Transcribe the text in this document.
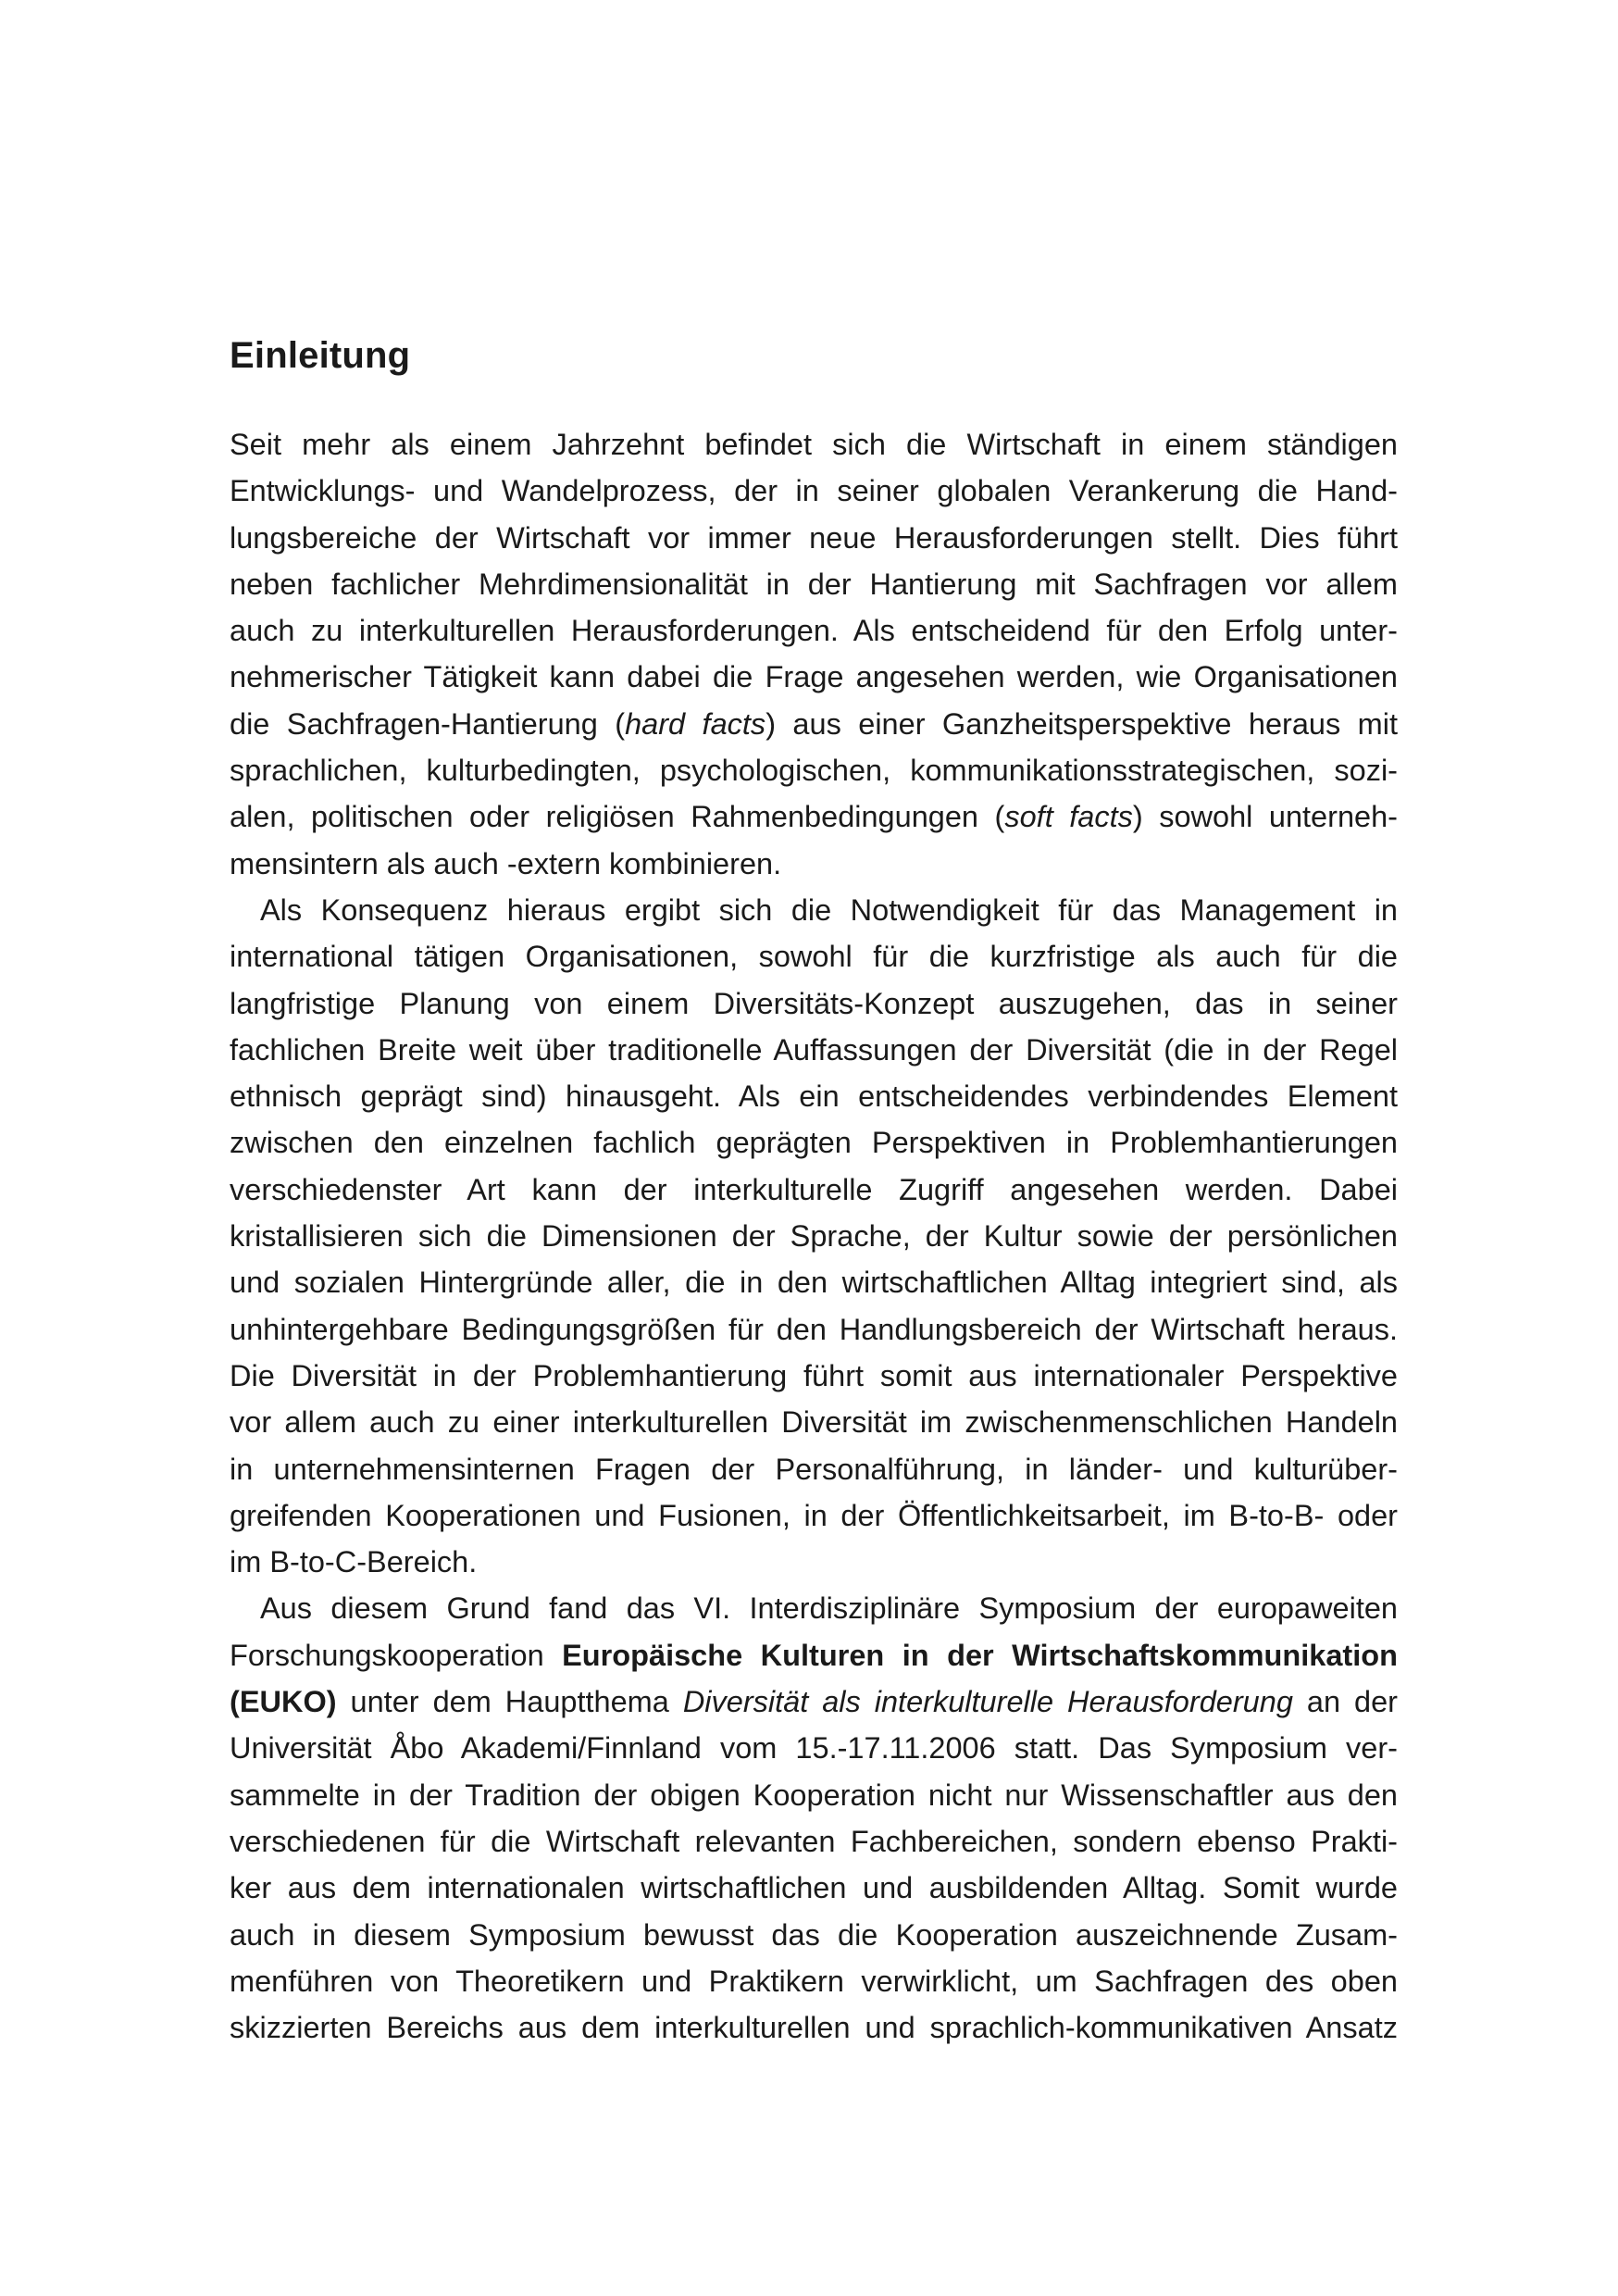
Einleitung
Seit mehr als einem Jahrzehnt befindet sich die Wirtschaft in einem ständigen
Entwicklungs- und Wandelprozess, der in seiner globalen Verankerung die Hand-
lungsbereiche der Wirtschaft vor immer neue Herausforderungen stellt. Dies führt
neben fachlicher Mehrdimensionalität in der Hantierung mit Sachfragen vor allem
auch zu interkulturellen Herausforderungen. Als entscheidend für den Erfolg unter-
nehmerischer Tätigkeit kann dabei die Frage angesehen werden, wie Organisationen
die Sachfragen-Hantierung (hard facts) aus einer Ganzheitsperspektive heraus mit
sprachlichen, kulturbedingten, psychologischen, kommunikationsstrategischen, sozi-
alen, politischen oder religiösen Rahmenbedingungen (soft facts) sowohl unterneh-
mensintern als auch -extern kombinieren.
Als Konsequenz hieraus ergibt sich die Notwendigkeit für das Management in
international tätigen Organisationen, sowohl für die kurzfristige als auch für die
langfristige Planung von einem Diversitäts-Konzept auszugehen, das in seiner
fachlichen Breite weit über traditionelle Auffassungen der Diversität (die in der Regel
ethnisch geprägt sind) hinausgeht. Als ein entscheidendes verbindendes Element
zwischen den einzelnen fachlich geprägten Perspektiven in Problemhantierungen
verschiedenster Art kann der interkulturelle Zugriff angesehen werden. Dabei
kristallisieren sich die Dimensionen der Sprache, der Kultur sowie der persönlichen
und sozialen Hintergründe aller, die in den wirtschaftlichen Alltag integriert sind, als
unhintergehbare Bedingungsgrößen für den Handlungsbereich der Wirtschaft heraus.
Die Diversität in der Problemhantierung führt somit aus internationaler Perspektive
vor allem auch zu einer interkulturellen Diversität im zwischenmenschlichen Handeln
in unternehmensinternen Fragen der Personalführung, in länder- und kulturüber-
greifenden Kooperationen und Fusionen, in der Öffentlichkeitsarbeit, im B-to-B- oder
im B-to-C-Bereich.
Aus diesem Grund fand das VI. Interdisziplinäre Symposium der europaweiten
Forschungskooperation Europäische Kulturen in der Wirtschaftskommunikation
(EUKO) unter dem Hauptthema Diversität als interkulturelle Herausforderung an der
Universität Åbo Akademi/Finnland vom 15.-17.11.2006 statt. Das Symposium ver-
sammelte in der Tradition der obigen Kooperation nicht nur Wissenschaftler aus den
verschiedenen für die Wirtschaft relevanten Fachbereichen, sondern ebenso Prakti-
ker aus dem internationalen wirtschaftlichen und ausbildenden Alltag. Somit wurde
auch in diesem Symposium bewusst das die Kooperation auszeichnende Zusam-
menführen von Theoretikern und Praktikern verwirklicht, um Sachfragen des oben
skizzierten Bereichs aus dem interkulturellen und sprachlich-kommunikativen Ansatz
